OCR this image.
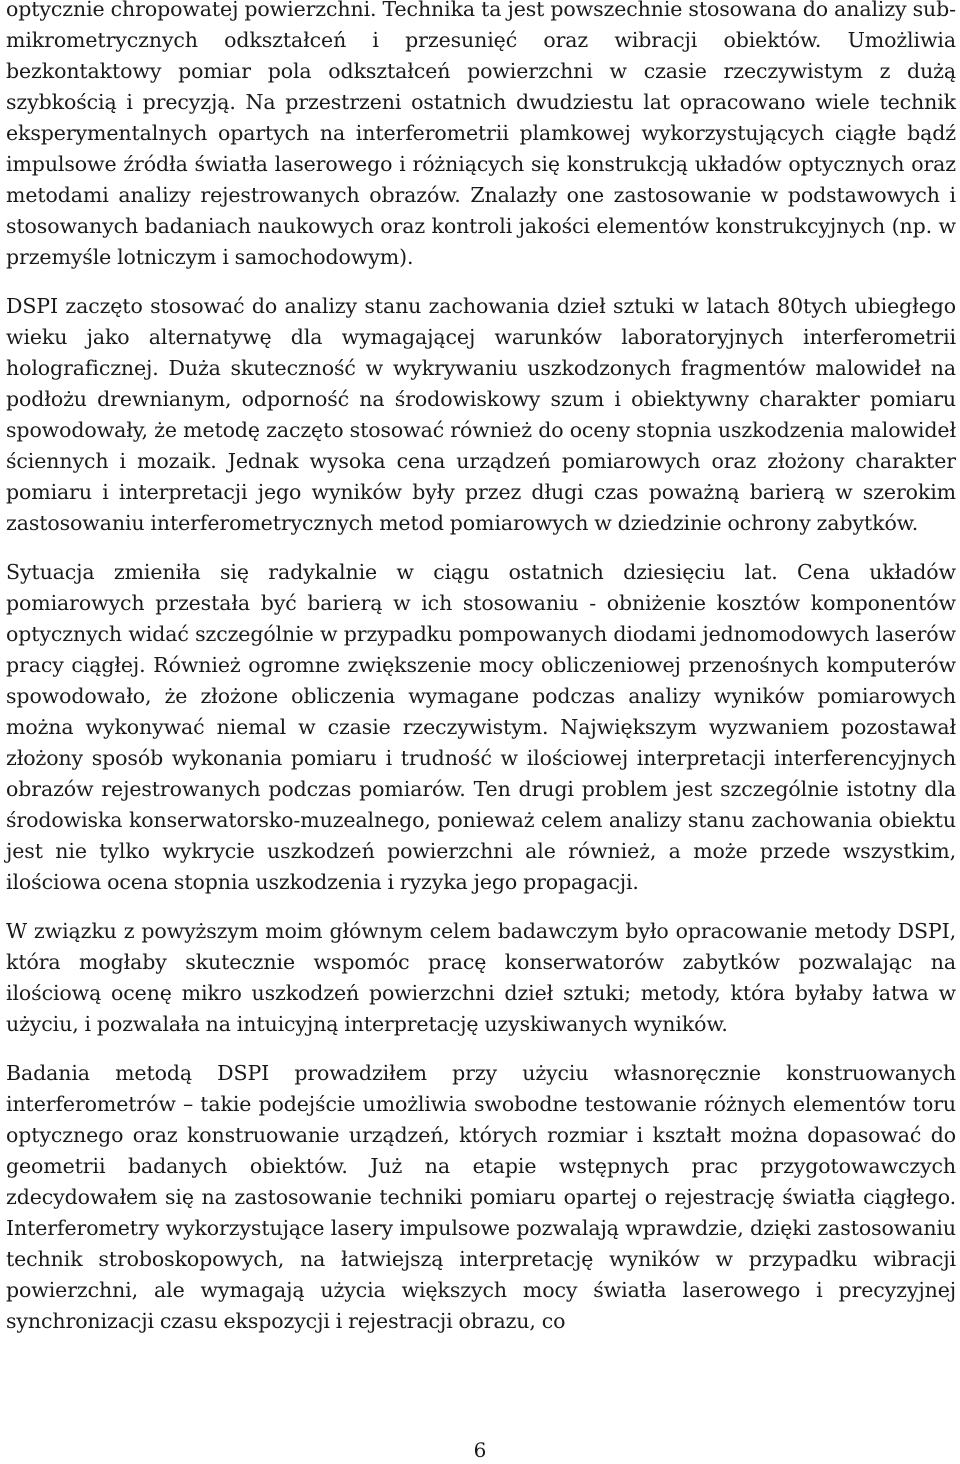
optycznie chropowatej powierzchni. Technika ta jest powszechnie stosowana do analizy sub-mikrometrycznych odkształceń i przesunięć oraz wibracji obiektów. Umożliwia bezkontaktowy pomiar pola odkształceń powierzchni w czasie rzeczywistym z dużą szybkością i precyzją. Na przestrzeni ostatnich dwudziestu lat opracowano wiele technik eksperymentalnych opartych na interferometrii plamkowej wykorzystujących ciągłe bądź impulsowe źródła światła laserowego i różniących się konstrukcją układów optycznych oraz metodami analizy rejestrowanych obrazów. Znalazły one zastosowanie w podstawowych i stosowanych badaniach naukowych oraz kontroli jakości elementów konstrukcyjnych (np. w przemyśle lotniczym i samochodowym).

DSPI zaczęto stosować do analizy stanu zachowania dzieł sztuki w latach 80tych ubiegłego wieku jako alternatywę dla wymagającej warunków laboratoryjnych interferometrii holograficznej. Duża skuteczność w wykrywaniu uszkodzonych fragmentów malowideł na podłożu drewnianym, odporność na środowiskowy szum i obiektywny charakter pomiaru spowodowały, że metodę zaczęto stosować również do oceny stopnia uszkodzenia malowideł ściennych i mozaik. Jednak wysoka cena urządzeń pomiarowych oraz złożony charakter pomiaru i interpretacji jego wyników były przez długi czas poważną barierą w szerokim zastosowaniu interferometrycznych metod pomiarowych w dziedzinie ochrony zabytków.

Sytuacja zmieniła się radykalnie w ciągu ostatnich dziesięciu lat. Cena układów pomiarowych przestała być barierą w ich stosowaniu - obniżenie kosztów komponentów optycznych widać szczególnie w przypadku pompowanych diodami jednomodowych laserów pracy ciągłej. Również ogromne zwiększenie mocy obliczeniowej przenośnych komputerów spowodowało, że złożone obliczenia wymagane podczas analizy wyników pomiarowych można wykonywać niemal w czasie rzeczywistym. Największym wyzwaniem pozostawał złożony sposób wykonania pomiaru i trudność w ilościowej interpretacji interferencyjnych obrazów rejestrowanych podczas pomiarów. Ten drugi problem jest szczególnie istotny dla środowiska konserwatorsko-muzealnego, ponieważ celem analizy stanu zachowania obiektu jest nie tylko wykrycie uszkodzeń powierzchni ale również, a może przede wszystkim, ilościowa ocena stopnia uszkodzenia i ryzyka jego propagacji.

W związku z powyższym moim głównym celem badawczym było opracowanie metody DSPI, która mogłaby skutecznie wspomóc pracę konserwatorów zabytków pozwalając na ilościową ocenę mikro uszkodzeń powierzchni dzieł sztuki; metody, która byłaby łatwa w użyciu, i pozwalała na intuicyjną interpretację uzyskiwanych wyników.

Badania metodą DSPI prowadziłem przy użyciu własnoręcznie konstruowanych interferometrów – takie podejście umożliwia swobodne testowanie różnych elementów toru optycznego oraz konstruowanie urządzeń, których rozmiar i kształt można dopasować do geometrii badanych obiektów. Już na etapie wstępnych prac przygotowawczych zdecydowałem się na zastosowanie techniki pomiaru opartej o rejestrację światła ciągłego. Interferometry wykorzystujące lasery impulsowe pozwalają wprawdzie, dzięki zastosowaniu technik stroboskopowych, na łatwiejszą interpretację wyników w przypadku wibracji powierzchni, ale wymagają użycia większych mocy światła laserowego i precyzyjnej synchronizacji czasu ekspozycji i rejestracji obrazu, co

6
